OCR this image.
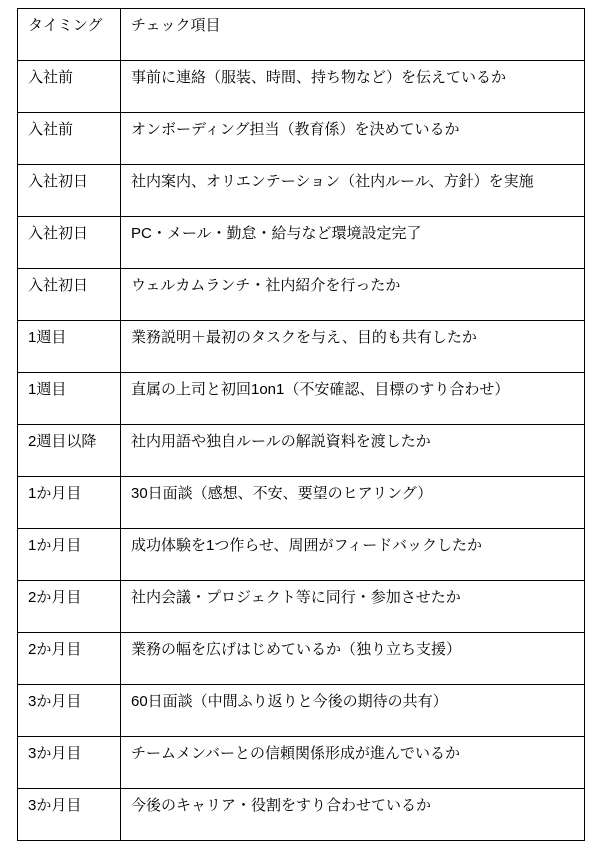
タイミング	チェック項目
入社前	事前に連絡（服装、時間、持ち物など）を伝えているか
入社前	オンボーディング担当（教育係）を決めているか
入社初日	社内案内、オリエンテーション（社内ルール、方針）を実施
入社初日	PC・メール・勤怠・給与など環境設定完了
入社初日	ウェルカムランチ・社内紹介を行ったか
1週目	業務説明＋最初のタスクを与え、目的も共有したか
1週目	直属の上司と初回1on1（不安確認、目標のすり合わせ）
2週目以降	社内用語や独自ルールの解説資料を渡したか
1か月目	30日面談（感想、不安、要望のヒアリング）
1か月目	成功体験を1つ作らせ、周囲がフィードバックしたか
2か月目	社内会議・プロジェクト等に同行・参加させたか
2か月目	業務の幅を広げはじめているか（独り立ち支援）
3か月目	60日面談（中間ふり返りと今後の期待の共有）
3か月目	チームメンバーとの信頼関係形成が進んでいるか
3か月目	今後のキャリア・役割をすり合わせているか
